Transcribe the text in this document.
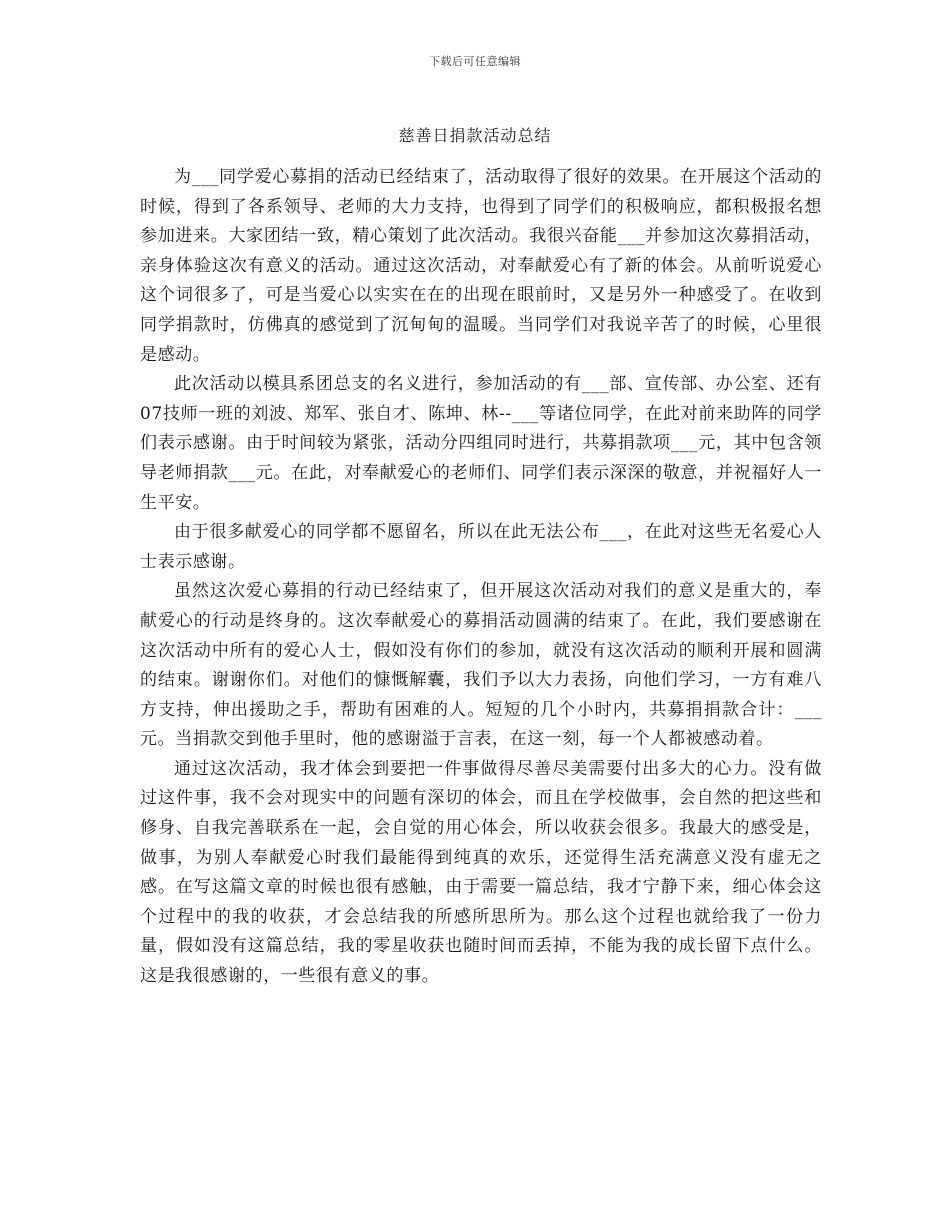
下载后可任意编辑
慈善日捐款活动总结

为___同学爱心募捐的活动已经结束了，活动取得了很好的效果。在开展这个活动的时候，得到了各系领导、老师的大力支持，也得到了同学们的积极响应，都积极报名想参加进来。大家团结一致，精心策划了此次活动。我很兴奋能___并参加这次募捐活动，亲身体验这次有意义的活动。通过这次活动，对奉献爱心有了新的体会。从前听说爱心这个词很多了，可是当爱心以实实在在的出现在眼前时，又是另外一种感受了。在收到同学捐款时，仿佛真的感觉到了沉甸甸的温暖。当同学们对我说辛苦了的时候，心里很是感动。

此次活动以模具系团总支的名义进行，参加活动的有___部、宣传部、办公室、还有07技师一班的刘波、郑军、张自才、陈坤、林--___等诸位同学，在此对前来助阵的同学们表示感谢。由于时间较为紧张，活动分四组同时进行，共募捐款项___元，其中包含领导老师捐款___元。在此，对奉献爱心的老师们、同学们表示深深的敬意，并祝福好人一生平安。

由于很多献爱心的同学都不愿留名，所以在此无法公布___，在此对这些无名爱心人士表示感谢。

虽然这次爱心募捐的行动已经结束了，但开展这次活动对我们的意义是重大的，奉献爱心的行动是终身的。这次奉献爱心的募捐活动圆满的结束了。在此，我们要感谢在这次活动中所有的爱心人士，假如没有你们的参加，就没有这次活动的顺利开展和圆满的结束。谢谢你们。对他们的慷慨解囊，我们予以大力表扬，向他们学习，一方有难八方支持，伸出援助之手，帮助有困难的人。短短的几个小时内，共募捐捐款合计：___元。当捐款交到他手里时，他的感谢溢于言表，在这一刻，每一个人都被感动着。

通过这次活动，我才体会到要把一件事做得尽善尽美需要付出多大的心力。没有做过这件事，我不会对现实中的问题有深切的体会，而且在学校做事，会自然的把这些和修身、自我完善联系在一起，会自觉的用心体会，所以收获会很多。我最大的感受是，做事，为别人奉献爱心时我们最能得到纯真的欢乐，还觉得生活充满意义没有虚无之感。在写这篇文章的时候也很有感触，由于需要一篇总结，我才宁静下来，细心体会这个过程中的我的收获，才会总结我的所感所思所为。那么这个过程也就给我了一份力量，假如没有这篇总结，我的零星收获也随时间而丢掉，不能为我的成长留下点什么。这是我很感谢的，一些很有意义的事。
